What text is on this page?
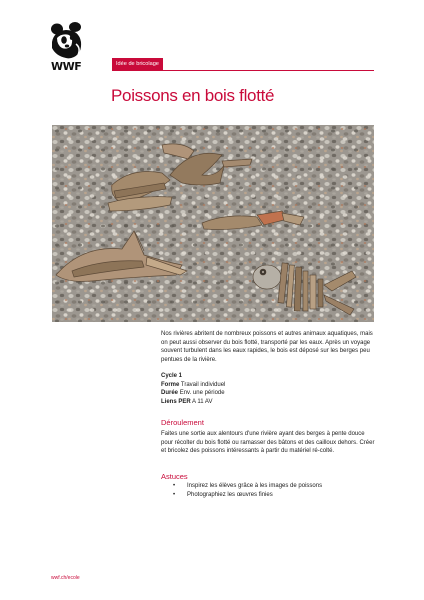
WWF	Idée de bricolage
Poissons en bois flotté
Nos rivières abritent de nombreux poissons et autres animaux aquatiques, mais on peut aussi observer du bois flotté, transporté par les eaux. Après un voyage souvent turbulent dans les eaux rapides, le bois est déposé sur les berges peu pentues de la rivière.
Cycle 1
Forme Travail individuel
Durée Env. une période
Liens PER A 11 AV
Déroulement
Faites une sortie aux alentours d'une rivière ayant des berges à pente douce pour récolter du bois flotté ou ramasser des bâtons et des cailloux dehors. Créer et bricolez des poissons intéressants à partir du matériel ré-colté.
Astuces
• Inspirez les élèves grâce à les images de poissons
• Photographiez les œuvres finies
wwf.ch/ecole
